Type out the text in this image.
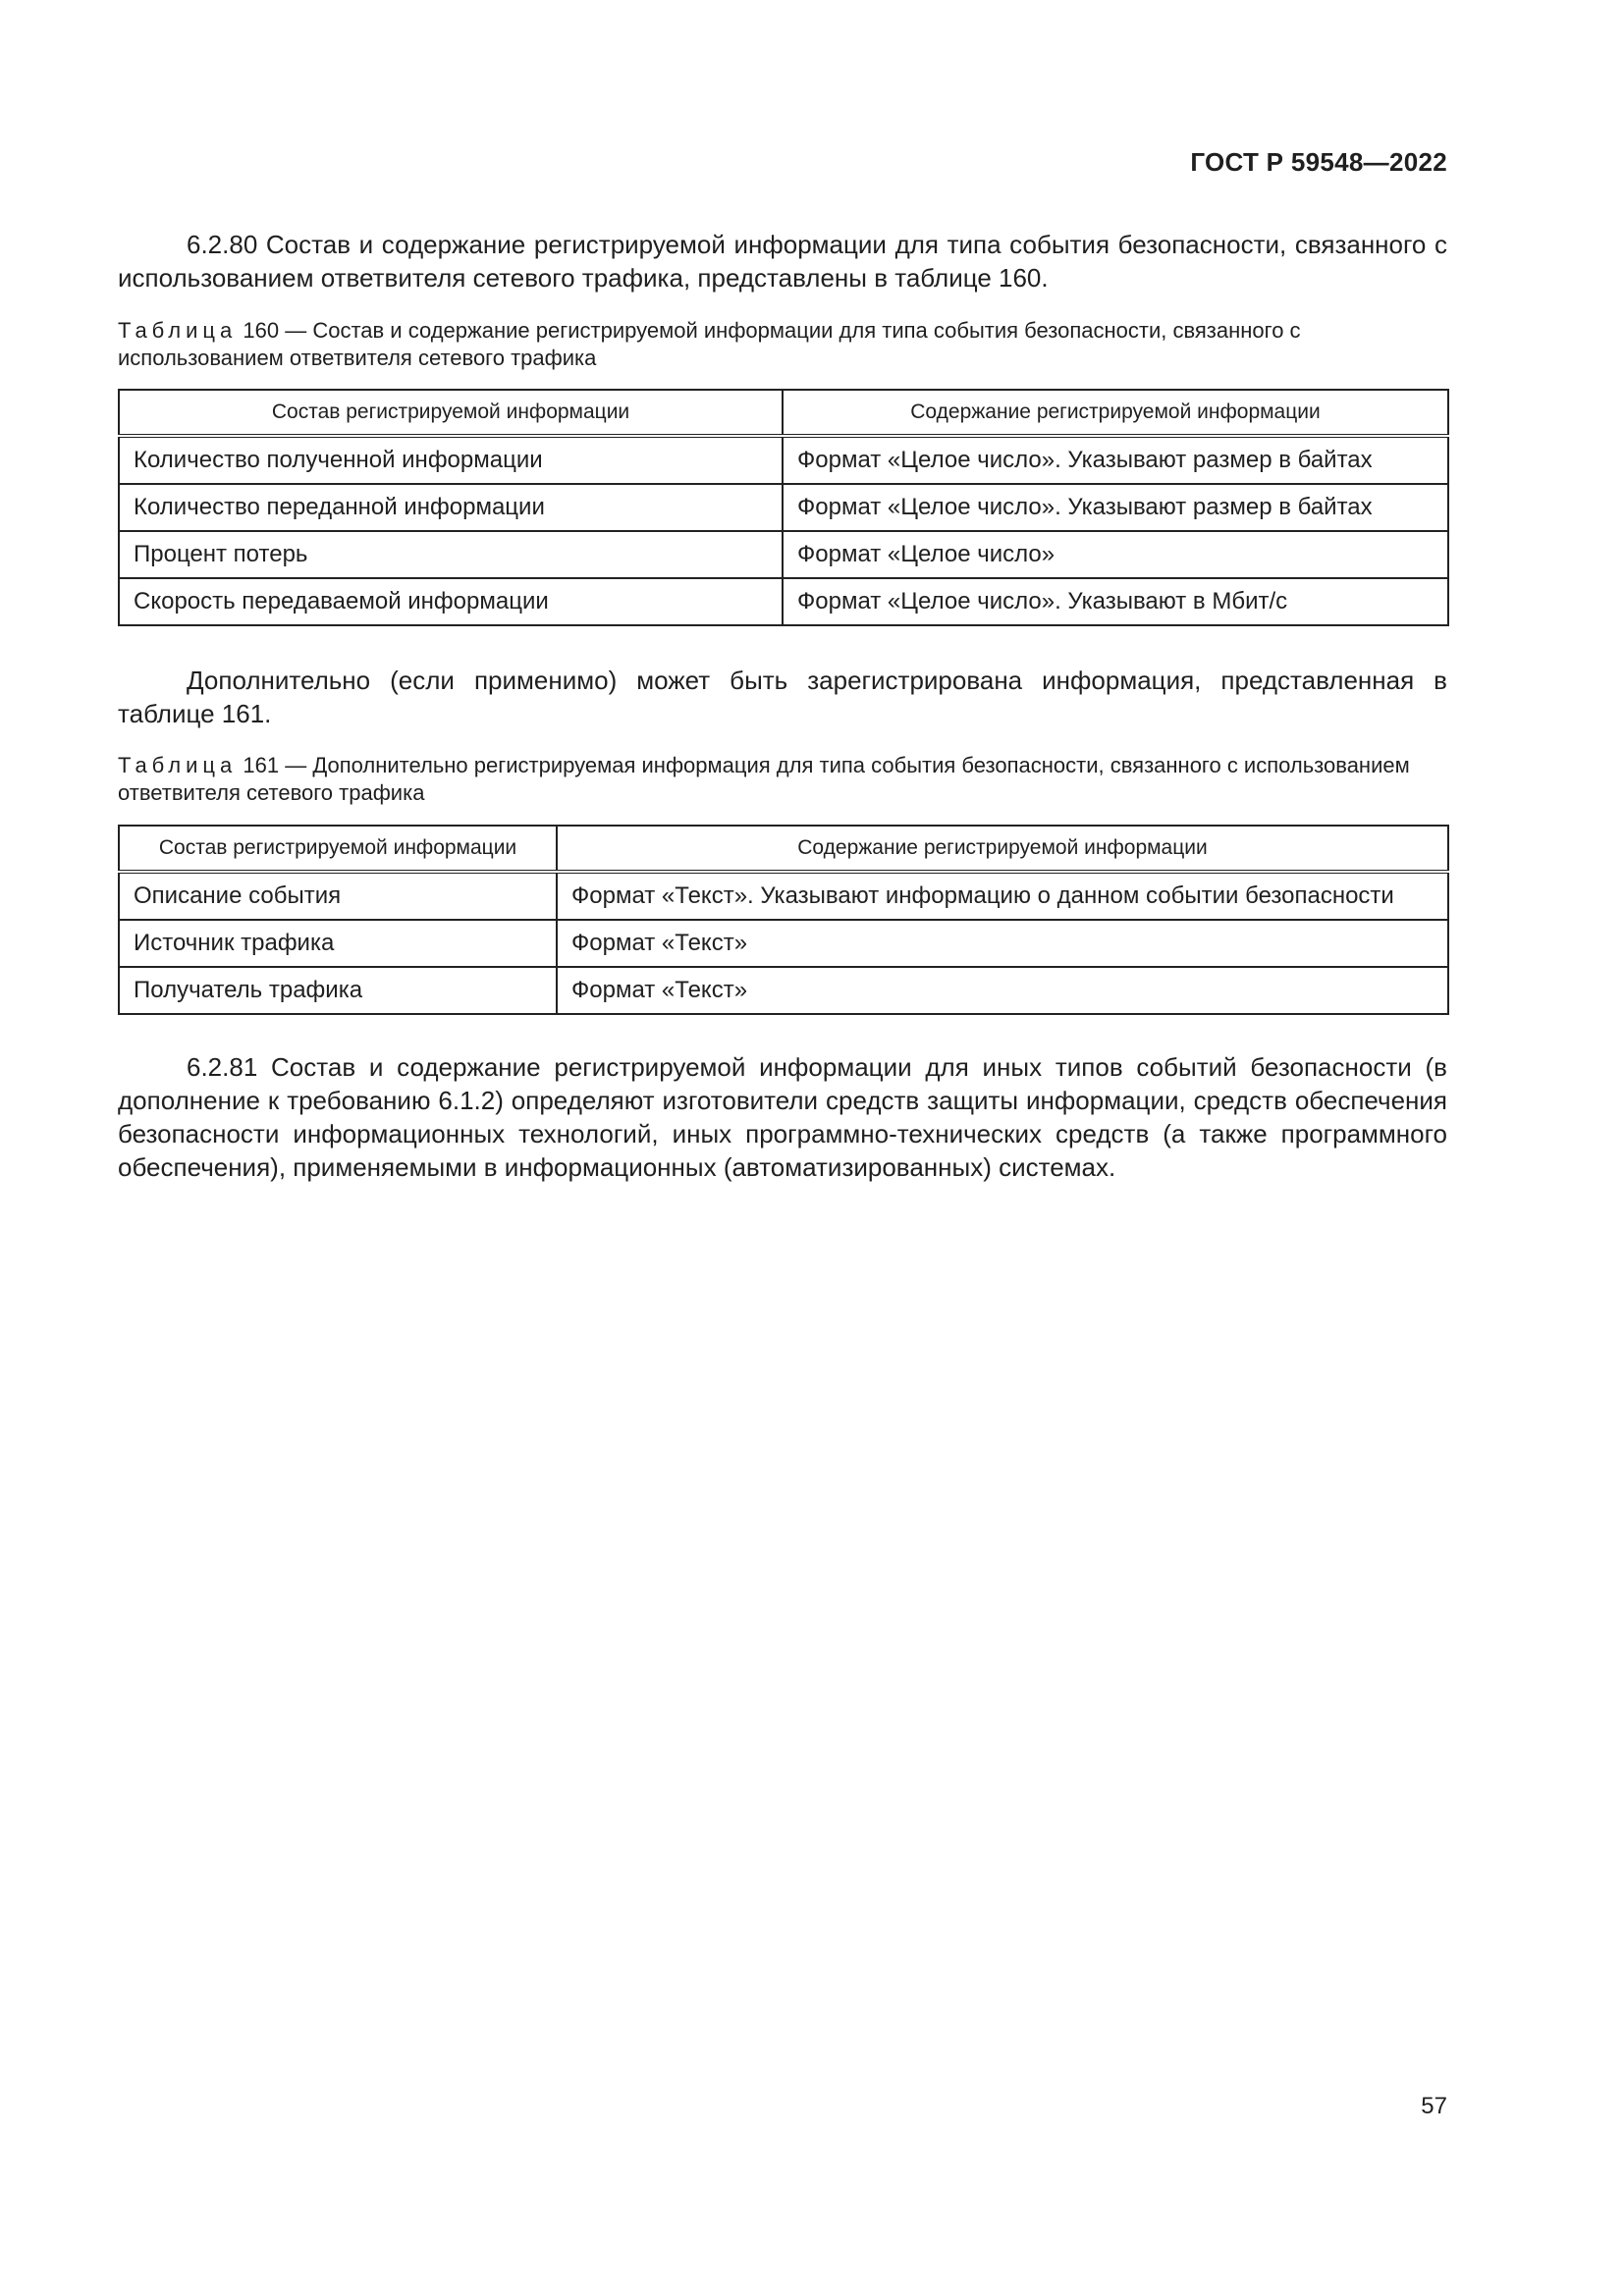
ГОСТ Р 59548—2022

6.2.80 Состав и содержание регистрируемой информации для типа события безопасности, связанного с использованием ответвителя сетевого трафика, представлены в таблице 160.

Таблица 160 — Состав и содержание регистрируемой информации для типа события безопасности, связанного с использованием ответвителя сетевого трафика

Состав регистрируемой информации	Содержание регистрируемой информации
Количество полученной информации	Формат «Целое число». Указывают размер в байтах
Количество переданной информации	Формат «Целое число». Указывают размер в байтах
Процент потерь	Формат «Целое число»
Скорость передаваемой информации	Формат «Целое число». Указывают в Мбит/с

Дополнительно (если применимо) может быть зарегистрирована информация, представленная в таблице 161.

Таблица 161 — Дополнительно регистрируемая информация для типа события безопасности, связанного с использованием ответвителя сетевого трафика

Состав регистрируемой информации	Содержание регистрируемой информации
Описание события	Формат «Текст». Указывают информацию о данном событии безопасности
Источник трафика	Формат «Текст»
Получатель трафика	Формат «Текст»

6.2.81 Состав и содержание регистрируемой информации для иных типов событий безопасности (в дополнение к требованию 6.1.2) определяют изготовители средств защиты информации, средств обеспечения безопасности информационных технологий, иных программно-технических средств (а также программного обеспечения), применяемыми в информационных (автоматизированных) системах.

57
